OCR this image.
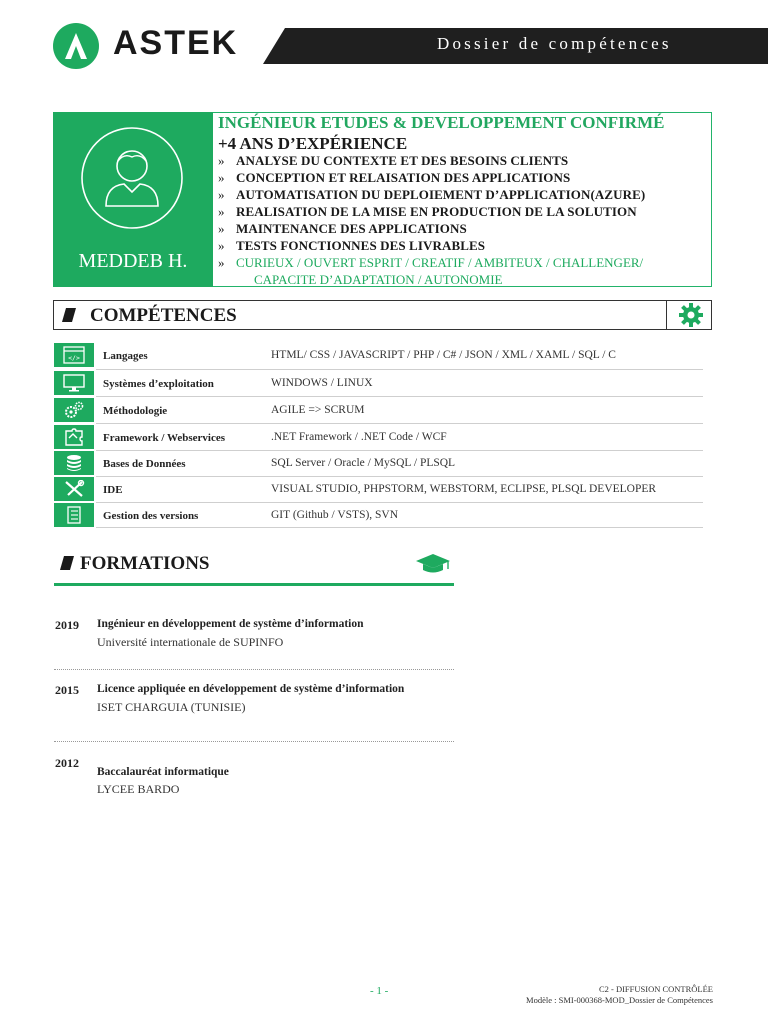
ASTEK	Dossier de compétences
MEDDEB H.
INGÉNIEUR ETUDES & DEVELOPPEMENT CONFIRMÉ
+4 ANS D’EXPÉRIENCE
» ANALYSE DU CONTEXTE ET DES BESOINS CLIENTS
» CONCEPTION ET RELAISATION DES APPLICATIONS
» AUTOMATISATION DU DEPLOIEMENT D’APPLICATION(AZURE)
» REALISATION DE LA MISE EN PRODUCTION DE LA SOLUTION
» MAINTENANCE DES APPLICATIONS
» TESTS FONCTIONNES DES LIVRABLES
» CURIEUX / OUVERT ESPRIT / CREATIF / AMBITEUX / CHALLENGER/
CAPACITE D’ADAPTATION / AUTONOMIE
COMPÉTENCES
</> Langages	HTML/ CSS / JAVASCRIPT / PHP / C# / JSON / XML / XAML / SQL / C
Systèmes d’exploitation	WINDOWS / LINUX
Méthodologie	AGILE => SCRUM
Framework / Webservices	.NET Framework / .NET Code / WCF
Bases de Données	SQL Server / Oracle / MySQL / PLSQL
IDE	VISUAL STUDIO, PHPSTORM, WEBSTORM, ECLIPSE, PLSQL DEVELOPER
Gestion des versions	GIT (Github / VSTS), SVN
FORMATIONS
2019 Ingénieur en développement de système d’information
Université internationale de SUPINFO
2015 Licence appliquée en développement de système d’information
ISET CHARGUIA (TUNISIE)
2012
Baccalauréat informatique
LYCEE BARDO
- 1 -	C2 - DIFFUSION CONTRÔLÉE
Modèle : SMI-000368-MOD_Dossier de Compétences
